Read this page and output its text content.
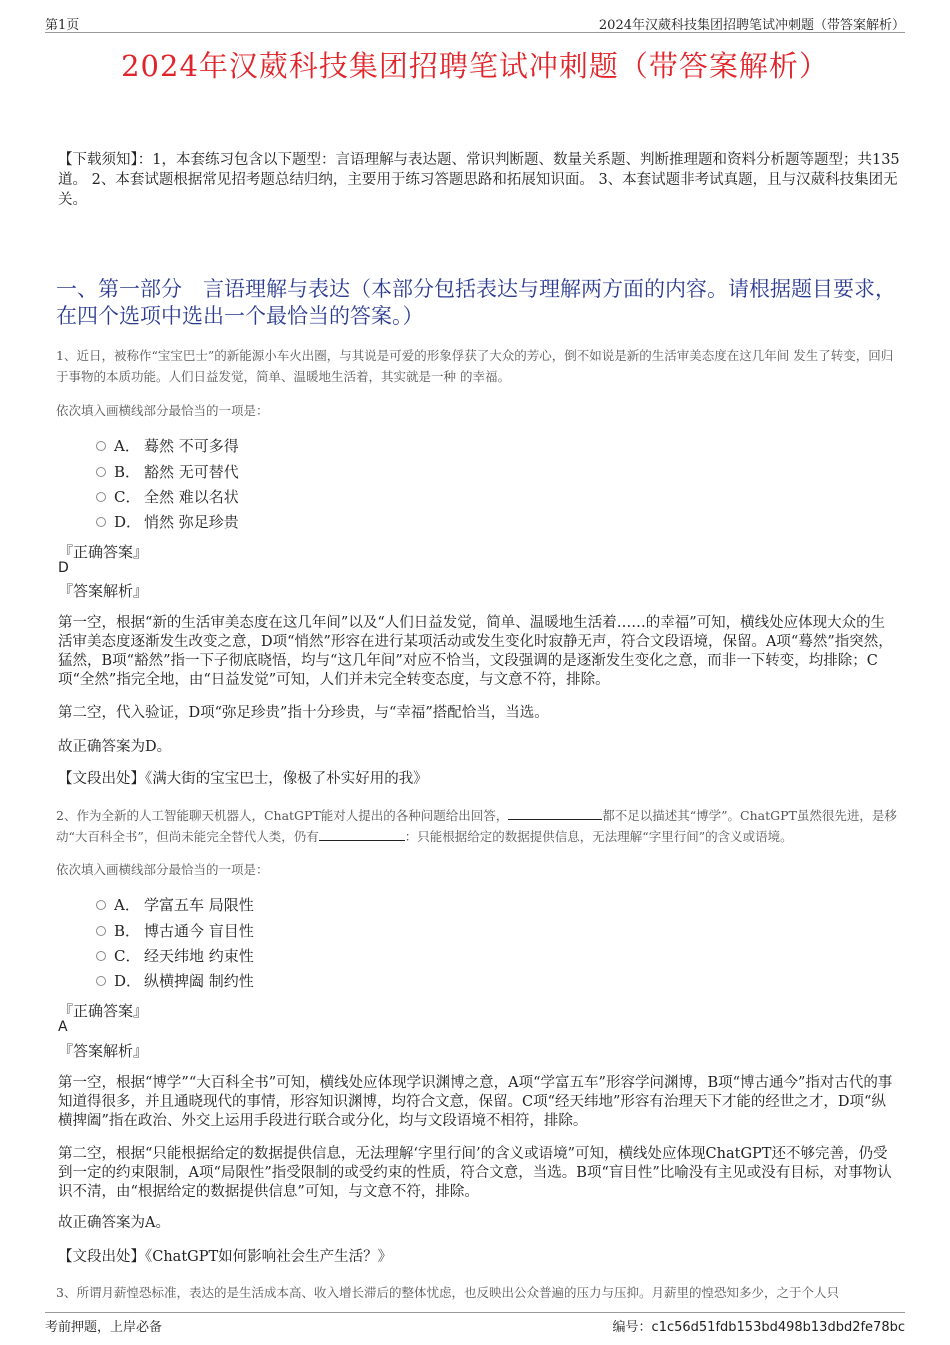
第1页	2024年汉葳科技集团招聘笔试冲刺题（带答案解析）
2024年汉葳科技集团招聘笔试冲刺题（带答案解析）
【下载须知】：1，本套练习包含以下题型：言语理解与表达题、常识判断题、数量关系题、判断推理题和资料分析题等题型；共135道。 2、本套试题根据常见招考题总结归纳，主要用于练习答题思路和拓展知识面。 3、本套试题非考试真题，且与汉葳科技集团无关。
一、第一部分　言语理解与表达（本部分包括表达与理解两方面的内容。请根据题目要求，在四个选项中选出一个最恰当的答案。）
1、近日，被称作“宝宝巴士”的新能源小车火出圈，与其说是可爱的形象俘获了大众的芳心，倒不如说是新的生活审美态度在这几年间 发生了转变，回归于事物的本质功能。人们日益发觉，简单、温暖地生活着，其实就是一种 的幸福。
依次填入画横线部分最恰当的一项是：
A． 蓦然 不可多得
B． 豁然 无可替代
C． 全然 难以名状
D． 悄然 弥足珍贵
『正确答案』
D
『答案解析』
第一空，根据“新的生活审美态度在这几年间”以及“人们日益发觉，简单、温暖地生活着……的幸福”可知，横线处应体现大众的生活审美态度逐渐发生改变之意，D项“悄然”形容在进行某项活动或发生变化时寂静无声，符合文段语境，保留。A项“蓦然”指突然，猛然，B项“豁然”指一下子彻底晓悟，均与“这几年间”对应不恰当，文段强调的是逐渐发生变化之意，而非一下转变，均排除；C项“全然”指完全地，由“日益发觉”可知，人们并未完全转变态度，与文意不符，排除。
第二空，代入验证，D项“弥足珍贵”指十分珍贵，与“幸福”搭配恰当，当选。
故正确答案为D。
【文段出处】《满大街的宝宝巴士，像极了朴实好用的我》
2、作为全新的人工智能聊天机器人，ChatGPT能对人提出的各种问题给出回答，	都不足以描述其“博学”。ChatGPT虽然很先进，是移动“大百科全书”，但尚未能完全替代人类，仍有	：只能根据给定的数据提供信息，无法理解“字里行间”的含义或语境。
依次填入画横线部分最恰当的一项是：
A． 学富五车 局限性
B． 博古通今 盲目性
C． 经天纬地 约束性
D． 纵横捭阖 制约性
『正确答案』
A
『答案解析』
第一空，根据“博学”“大百科全书”可知，横线处应体现学识渊博之意，A项“学富五车”形容学问渊博，B项“博古通今”指对古代的事知道得很多，并且通晓现代的事情，形容知识渊博，均符合文意，保留。C项“经天纬地”形容有治理天下才能的经世之才，D项“纵横捭阖”指在政治、外交上运用手段进行联合或分化，均与文段语境不相符，排除。
第二空，根据“只能根据给定的数据提供信息，无法理解‘字里行间’的含义或语境”可知，横线处应体现ChatGPT还不够完善，仍受到一定的约束限制，A项“局限性”指受限制的或受约束的性质，符合文意，当选。B项“盲目性”比喻没有主见或没有目标，对事物认识不清，由“根据给定的数据提供信息”可知，与文意不符，排除。
故正确答案为A。
【文段出处】《ChatGPT如何影响社会生产生活？》
3、所谓月薪惶恐标准，表达的是生活成本高、收入增长滞后的整体忧虑，也反映出公众普遍的压力与压抑。月薪里的惶恐知多少，之于个人只
考前押题，上岸必备	编号：c1c56d51fdb153bd498b13dbd2fe78bc
